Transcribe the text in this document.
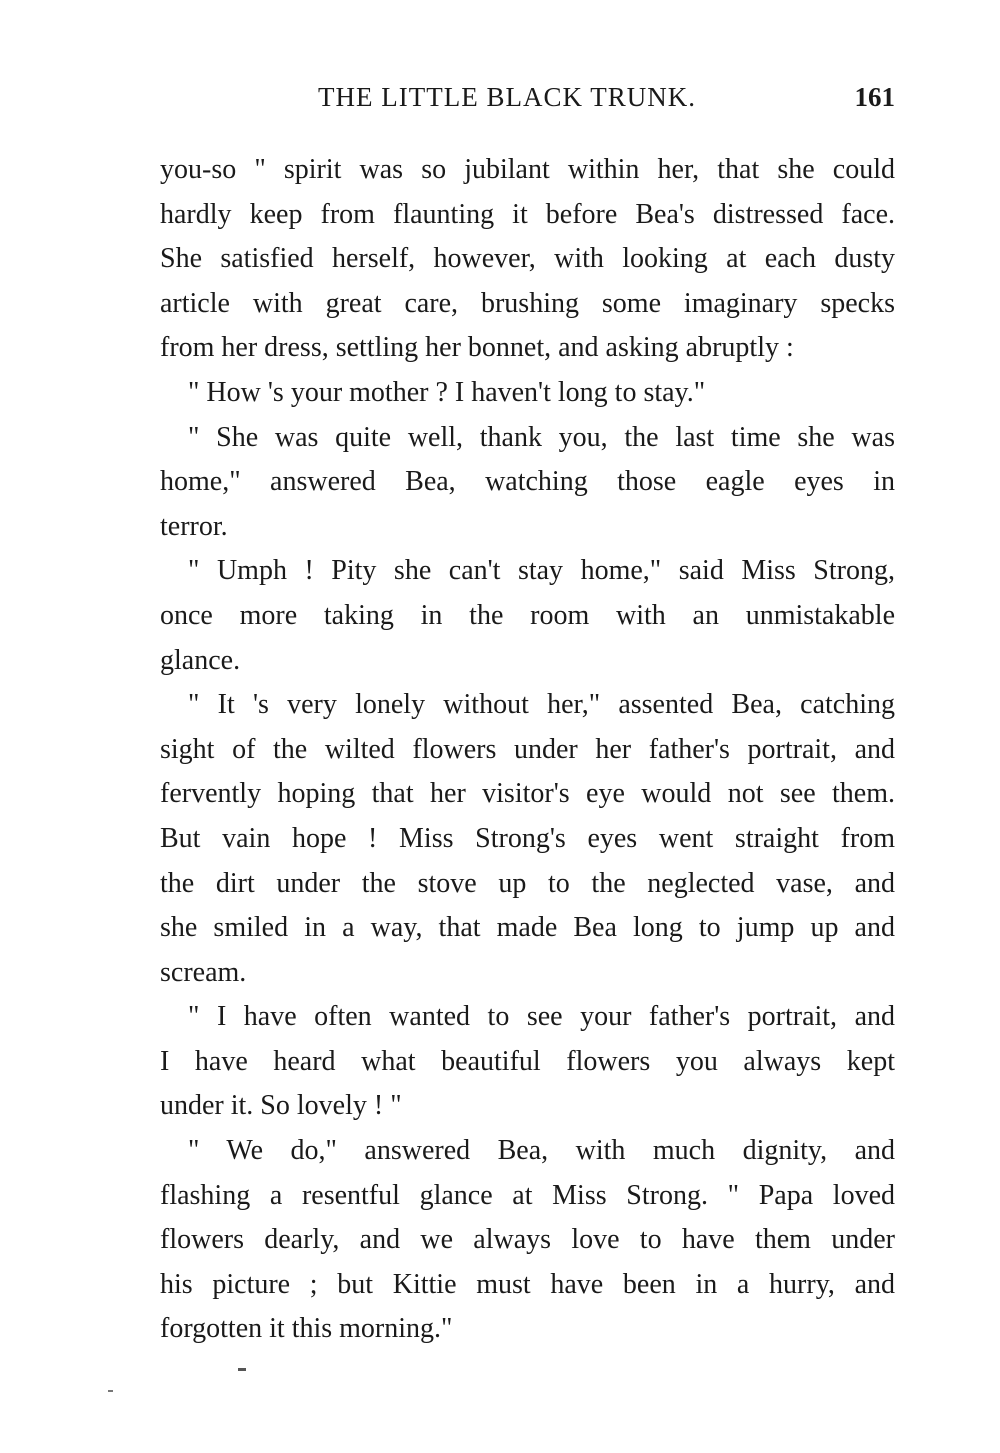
THE LITTLE BLACK TRUNK.	161
you-so " spirit was so jubilant within her, that she could
hardly keep from flaunting it before Bea's distressed face.
She satisfied herself, however, with looking at each dusty
article with great care, brushing some imaginary specks
from her dress, settling her bonnet, and asking abruptly :
" How 's your mother ? I haven't long to stay."
" She was quite well, thank you, the last time she was
home," answered Bea, watching those eagle eyes in
terror.
" Umph ! Pity she can't stay home," said Miss Strong,
once more taking in the room with an unmistakable
glance.
" It 's very lonely without her," assented Bea, catching
sight of the wilted flowers under her father's portrait, and
fervently hoping that her visitor's eye would not see them.
But vain hope ! Miss Strong's eyes went straight from
the dirt under the stove up to the neglected vase, and
she smiled in a way, that made Bea long to jump up and
scream.
" I have often wanted to see your father's portrait, and
I have heard what beautiful flowers you always kept
under it. So lovely ! "
" We do," answered Bea, with much dignity, and
flashing a resentful glance at Miss Strong. " Papa loved
flowers dearly, and we always love to have them under
his picture ; but Kittie must have been in a hurry, and
forgotten it this morning."
